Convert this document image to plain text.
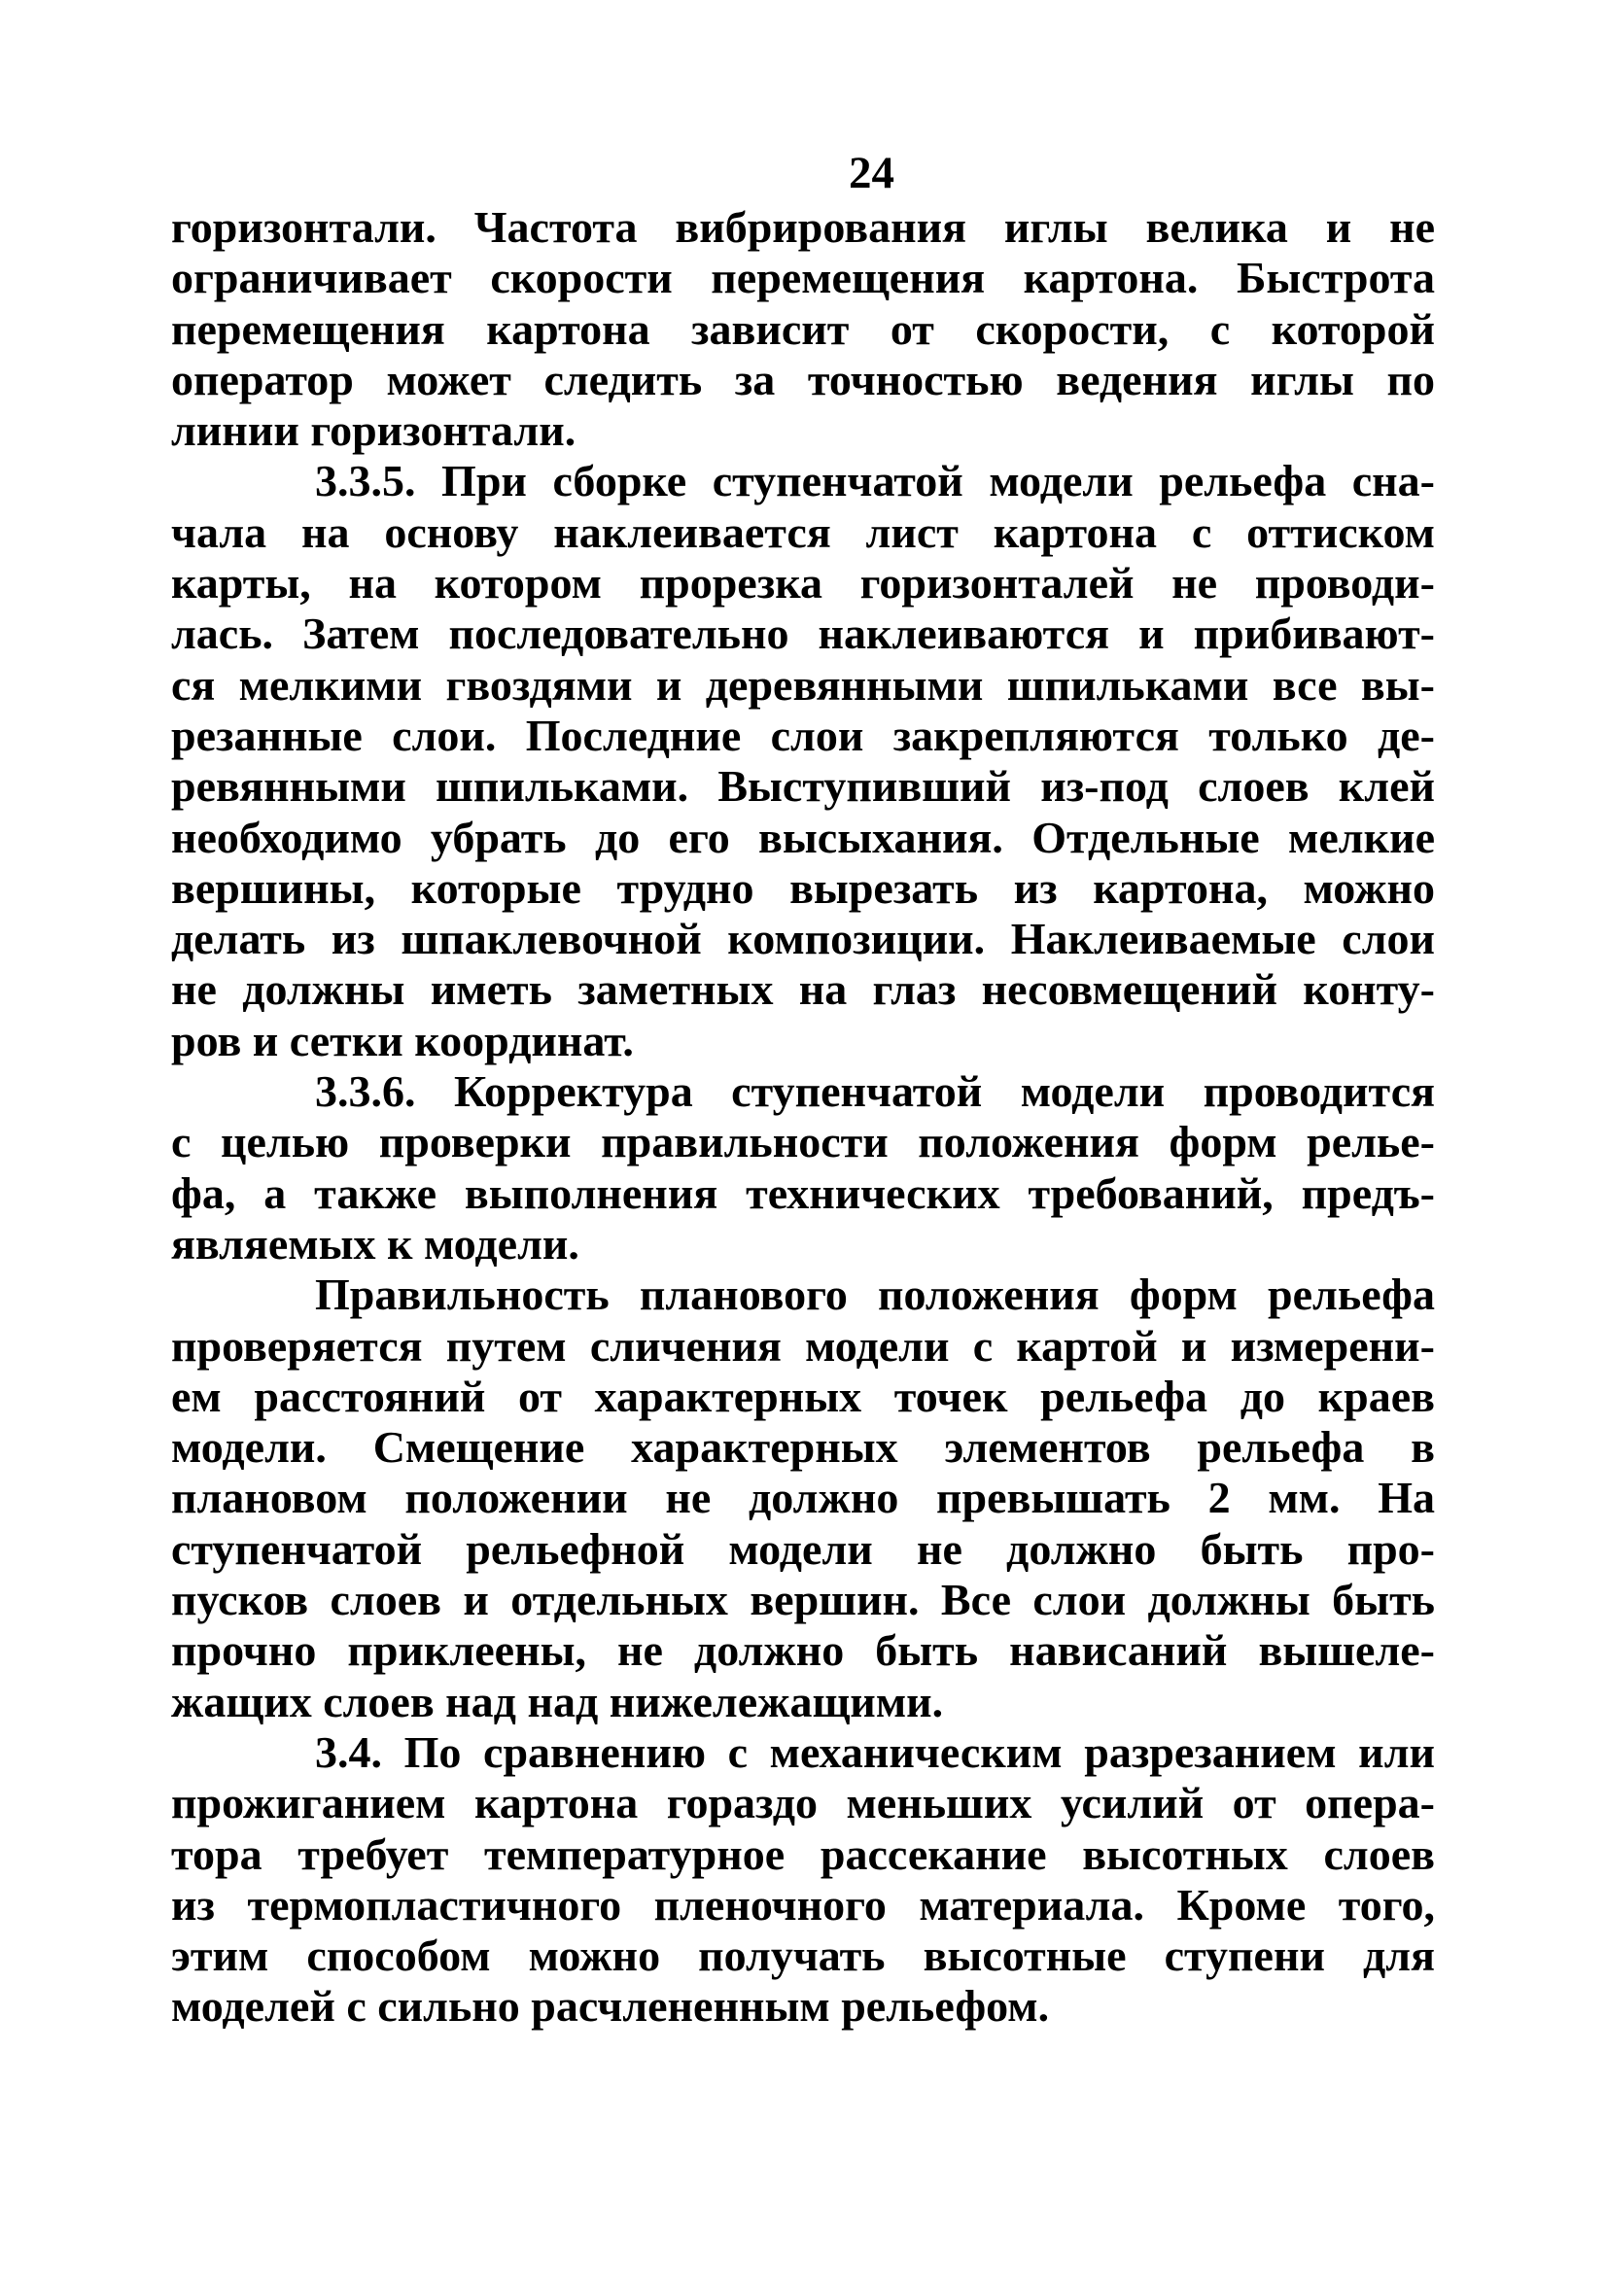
24
горизонтали. Частота вибрирования иглы велика и не
ограничивает скорости перемещения картона. Быстрота
перемещения картона зависит от скорости, с которой
оператор может следить за точностью ведения иглы по
линии горизонтали.
3.3.5. При сборке ступенчатой модели рельефа сна-
чала на основу наклеивается лист картона с оттиском
карты, на котором прорезка горизонталей не проводи-
лась. Затем последовательно наклеиваются и прибивают-
ся мелкими гвоздями и деревянными шпильками все вы-
резанные слои. Последние слои закрепляются только де-
ревянными шпильками. Выступивший из-под слоев клей
необходимо убрать до его высыхания. Отдельные мелкие
вершины, которые трудно вырезать из картона, можно
делать из шпаклевочной композиции. Наклеиваемые слои
не должны иметь заметных на глаз несовмещений конту-
ров и сетки координат.
3.3.6. Корректура ступенчатой модели проводится
с целью проверки правильности положения форм релье-
фа, а также выполнения технических требований, предъ-
являемых к модели.
Правильность планового положения форм рельефа
проверяется путем сличения модели с картой и измерени-
ем расстояний от характерных точек рельефа до краев
модели. Смещение характерных элементов рельефа в
плановом положении не должно превышать 2 мм. На
ступенчатой рельефной модели не должно быть про-
пусков слоев и отдельных вершин. Все слои должны быть
прочно приклеены, не должно быть нависаний вышеле-
жащих слоев над над нижележащими.
3.4. По сравнению с механическим разрезанием или
прожиганием картона гораздо меньших усилий от опера-
тора требует температурное рассекание высотных слоев
из термопластичного пленочного материала. Кроме того,
этим способом можно получать высотные ступени для
моделей с сильно расчлененным рельефом.
